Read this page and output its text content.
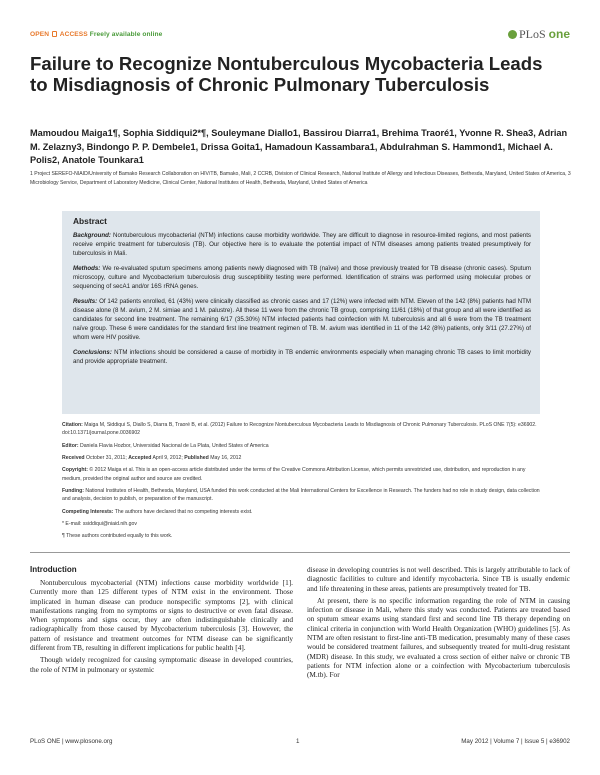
OPEN ACCESS Freely available online	PLoS one
Failure to Recognize Nontuberculous Mycobacteria Leads to Misdiagnosis of Chronic Pulmonary Tuberculosis
Mamoudou Maiga1¶, Sophia Siddiqui2*¶, Souleymane Diallo1, Bassirou Diarra1, Brehima Traoré1, Yvonne R. Shea3, Adrian M. Zelazny3, Bindongo P. P. Dembele1, Drissa Goita1, Hamadoun Kassambara1, Abdulrahman S. Hammond1, Michael A. Polis2, Anatole Tounkara1
1 Project SEREFO-NIAID/University of Bamako Research Collaboration on HIV/TB, Bamako, Mali, 2 CCRB, Division of Clinical Research, National Institute of Allergy and Infectious Diseases, Bethesda, Maryland, United States of America, 3 Microbiology Service, Department of Laboratory Medicine, Clinical Center, National Institutes of Health, Bethesda, Maryland, United States of America
Abstract

Background: Nontuberculous mycobacterial (NTM) infections cause morbidity worldwide. They are difficult to diagnose in resource-limited regions, and most patients receive empiric treatment for tuberculosis (TB). Our objective here is to evaluate the potential impact of NTM diseases among patients treated presumptively for tuberculosis in Mali.

Methods: We re-evaluated sputum specimens among patients newly diagnosed with TB (naïve) and those previously treated for TB disease (chronic cases). Sputum microscopy, culture and Mycobacterium tuberculosis drug susceptibility testing were performed. Identification of strains was performed using molecular probes or sequencing of secA1 and/or 16S rRNA genes.

Results: Of 142 patients enrolled, 61 (43%) were clinically classified as chronic cases and 17 (12%) were infected with NTM. Eleven of the 142 (8%) patients had NTM disease alone (8 M. avium, 2 M. simiae and 1 M. palustre). All these 11 were from the chronic TB group, comprising 11/61 (18%) of that group and all were identified as candidates for second line treatment. The remaining 6/17 (35.30%) NTM infected patients had coinfection with M. tuberculosis and all 6 were from the TB treatment naïve group. These 6 were candidates for the standard first line treatment regimen of TB. M. avium was identified in 11 of the 142 (8%) patients, only 3/11 (27.27%) of whom were HIV positive.

Conclusions: NTM infections should be considered a cause of morbidity in TB endemic environments especially when managing chronic TB cases to limit morbidity and provide appropriate treatment.

Citation: Maiga M, Siddiqui S, Diallo S, Diarra B, Traoré B, et al. (2012) Failure to Recognize Nontuberculous Mycobacteria Leads to Misdiagnosis of Chronic Pulmonary Tuberculosis. PLoS ONE 7(5): e36902. doi:10.1371/journal.pone.0036902

Editor: Daniela Flavia Hozbor, Universidad Nacional de La Plata, United States of America

Received October 31, 2011; Accepted April 9, 2012; Published May 16, 2012

Copyright: © 2012 Maiga et al. This is an open-access article distributed under the terms of the Creative Commons Attribution License, which permits unrestricted use, distribution, and reproduction in any medium, provided the original author and source are credited.

Funding: National Institutes of Health, Bethesda, Maryland, USA funded this work conducted at the Mali International Centers for Excellence in Research. The funders had no role in study design, data collection and analysis, decision to publish, or preparation of the manuscript.

Competing Interests: The authors have declared that no competing interests exist.

* E-mail: ssiddiqui@niaid.nih.gov

¶ These authors contributed equally to this work.

Introduction

Nontuberculous mycobacterial (NTM) infections cause morbidity worldwide [1]. Currently more than 125 different types of NTM exist in the environment. Those implicated in human disease can produce nonspecific symptoms [2], with clinical manifestations ranging from no symptoms or signs to destructive or even fatal disease. When symptoms and signs occur, they are often indistinguishable clinically and radiographically from those caused by Mycobacterium tuberculosis [3]. However, the pattern of resistance and treatment outcomes for NTM disease can be significantly different from TB, resulting in different implications for public health [4].

Though widely recognized for causing symptomatic disease in developed countries, the role of NTM in pulmonary or systemic

disease in developing countries is not well described. This is largely attributable to lack of diagnostic facilities to culture and identify mycobacteria. Since TB is usually endemic and life threatening in these areas, patients are presumptively treated for TB.

At present, there is no specific information regarding the role of NTM in causing infection or disease in Mali, where this study was conducted. Patients are treated based on sputum smear exams using standard first and second line TB therapy depending on clinical criteria in conjunction with World Health Organization (WHO) guidelines [5]. As NTM are often resistant to first-line anti-TB medication, presumably many of these cases would be considered treatment failures, and subsequently treated for multi-drug resistant (MDR) disease. In this study, we evaluated a cross section of either naïve or chronic TB patients for NTM infection alone or a coinfection with Mycobacterium tuberculosis (M.tb). For

PLoS ONE | www.plosone.org	1	May 2012 | Volume 7 | Issue 5 | e36902
